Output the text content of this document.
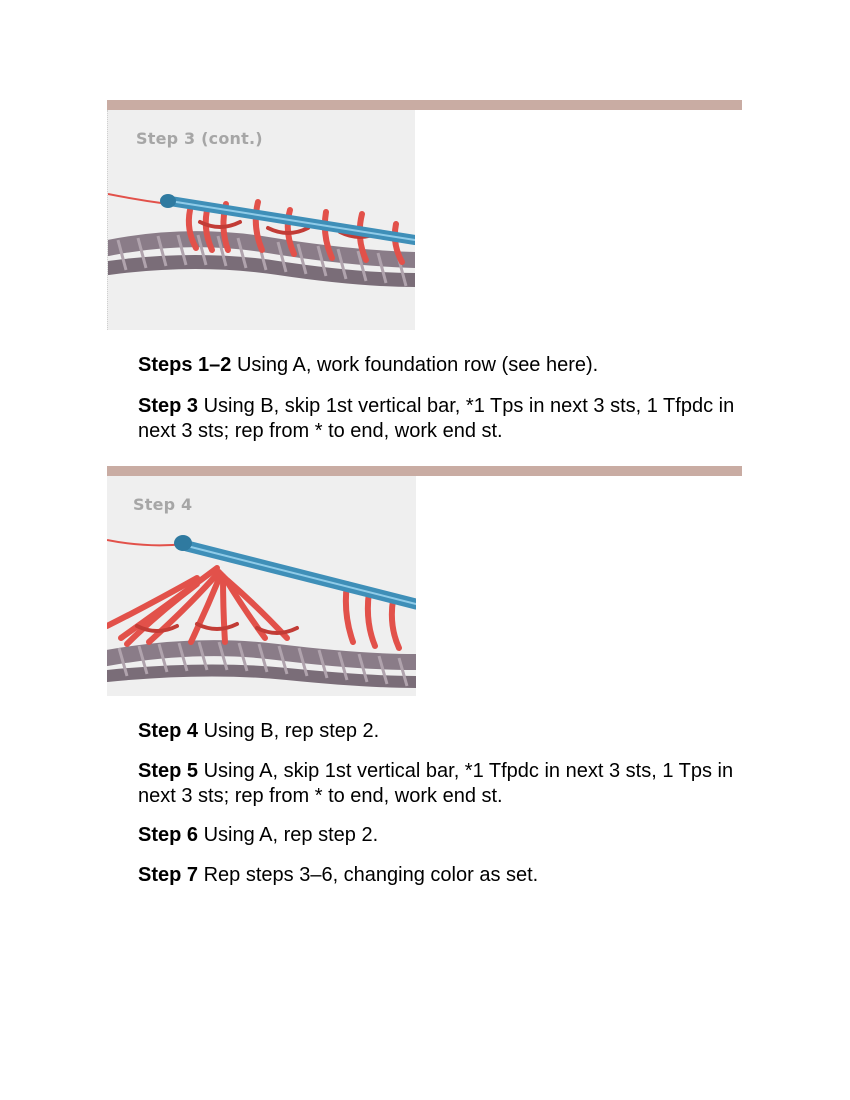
Step 3 (cont.)

Steps 1–2 Using A, work foundation row (see here).

Step 3 Using B, skip 1st vertical bar, *1 Tps in next 3 sts, 1 Tfpdc in next 3 sts; rep from * to end, work end st.

Step 4

Step 4 Using B, rep step 2.

Step 5 Using A, skip 1st vertical bar, *1 Tfpdc in next 3 sts, 1 Tps in next 3 sts; rep from * to end, work end st.

Step 6 Using A, rep step 2.

Step 7 Rep steps 3–6, changing color as set.
